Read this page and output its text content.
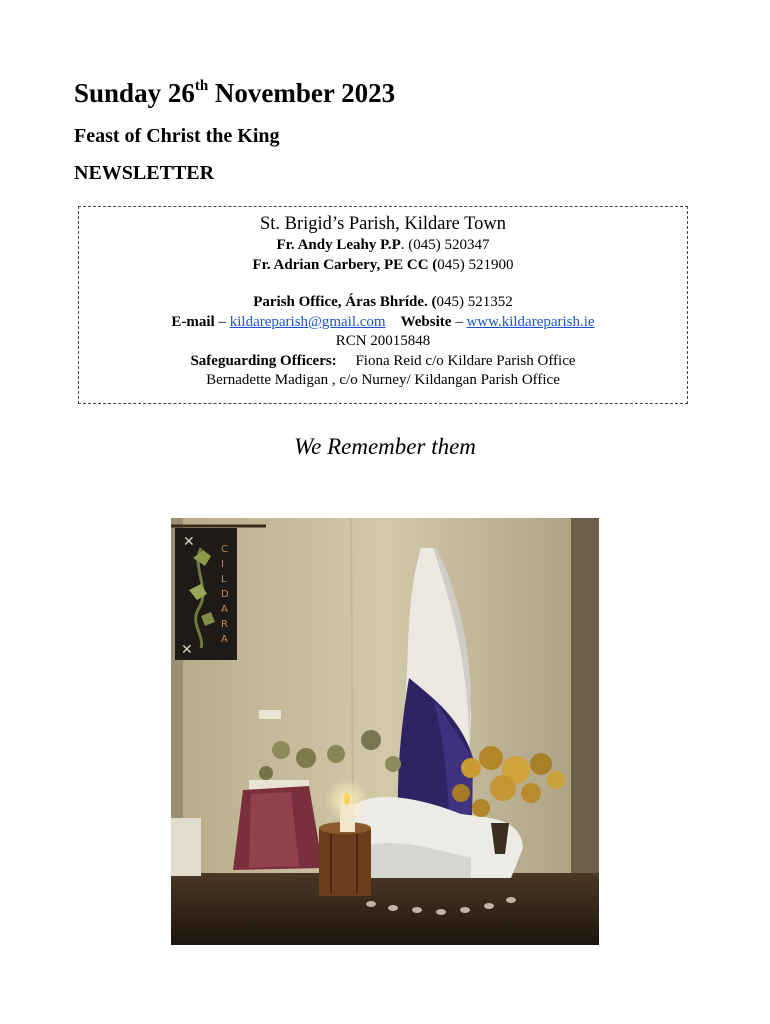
Sunday 26th November 2023
Feast of Christ the King
NEWSLETTER
St. Brigid’s Parish, Kildare Town
Fr. Andy Leahy P.P. (045) 520347
Fr. Adrian Carbery, PE CC (045) 521900
Parish Office, Áras Bhríde. (045) 521352
E-mail – kildareparish@gmail.com Website – www.kildareparish.ie
RCN 20015848
Safeguarding Officers: Fiona Reid c/o Kildare Parish Office
Bernadette Madigan , c/o Nurney/ Kildangan Parish Office
We Remember them
✕
✕
C
I
L
D
A
R
A
